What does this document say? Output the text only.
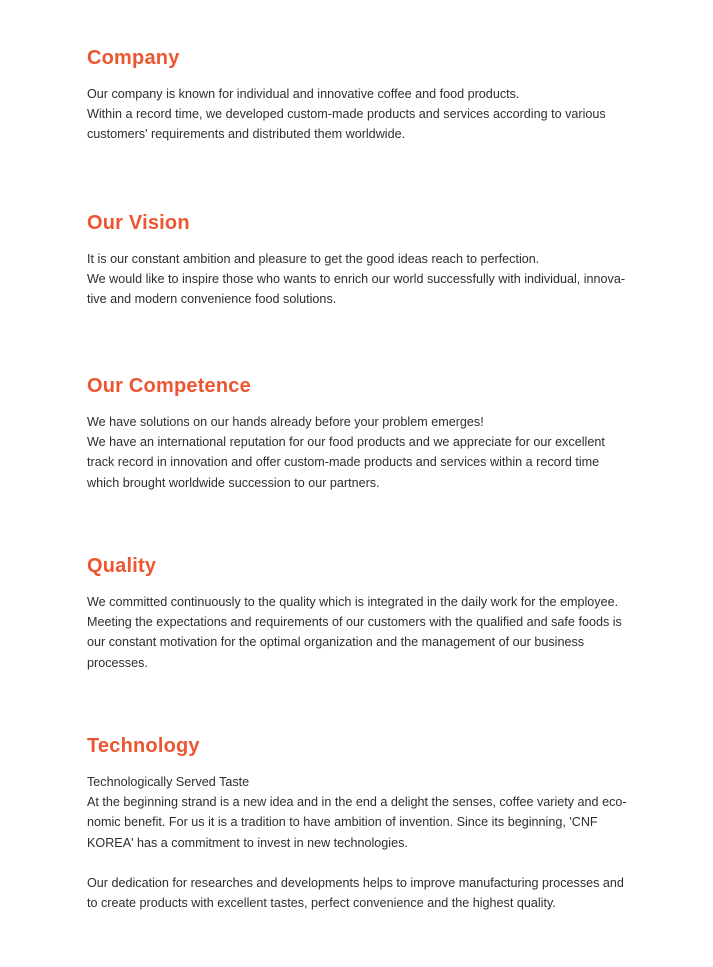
Company

Our company is known for individual and innovative coffee and food products.
Within a record time, we developed custom-made products and services according to various
customers' requirements and distributed them worldwide.

Our Vision

It is our constant ambition and pleasure to get the good ideas reach to perfection.
We would like to inspire those who wants to enrich our world successfully with individual, innova-
tive and modern convenience food solutions.

Our Competence

We have solutions on our hands already before your problem emerges!
We have an international reputation for our food products and we appreciate for our excellent
track record in innovation and offer custom-made products and services within a record time
which brought worldwide succession to our partners.

Quality

We committed continuously to the quality which is integrated in the daily work for the employee.
Meeting the expectations and requirements of our customers with the qualified and safe foods is
our constant motivation for the optimal organization and the management of our business
processes.

Technology

Technologically Served Taste
At the beginning strand is a new idea and in the end a delight the senses, coffee variety and eco-
nomic benefit. For us it is a tradition to have ambition of invention. Since its beginning, 'CNF
KOREA' has a commitment to invest in new technologies.

Our dedication for researches and developments helps to improve manufacturing processes and
to create products with excellent tastes, perfect convenience and the highest quality.
